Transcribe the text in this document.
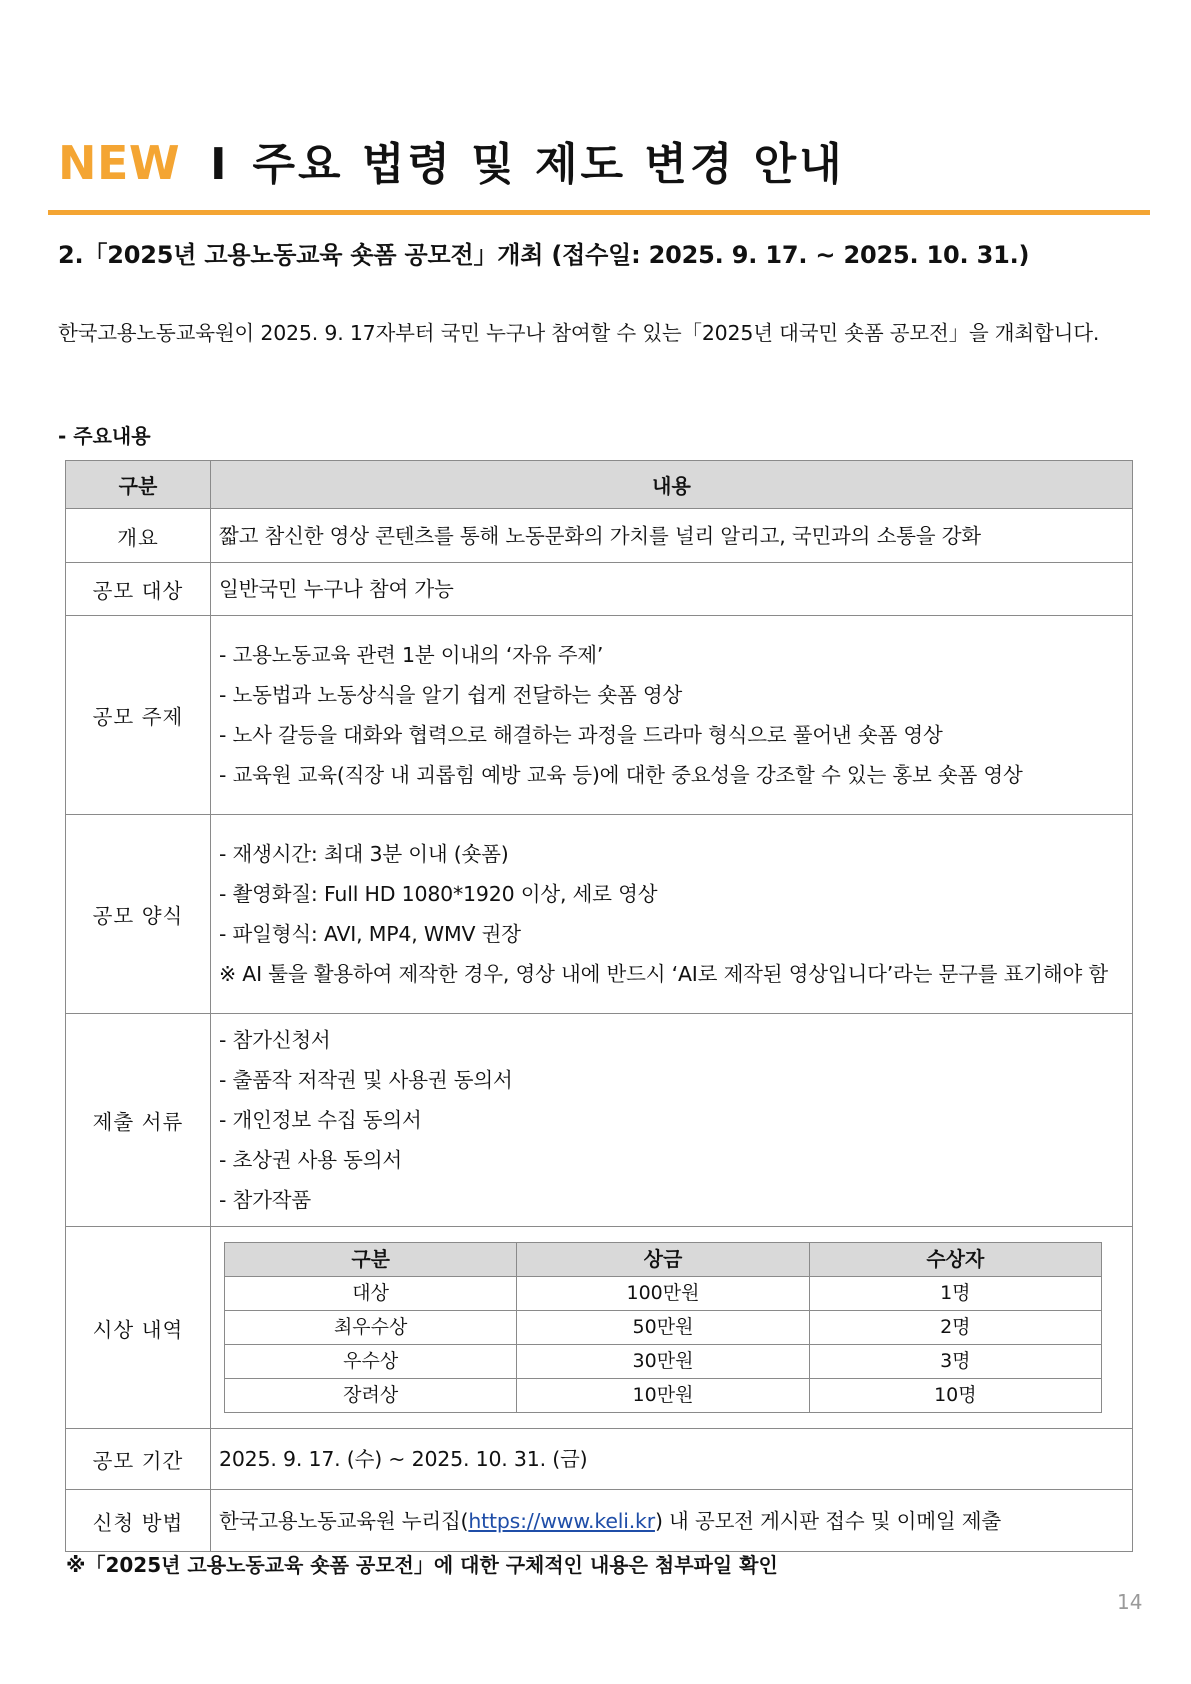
NEW I 주요 법령 및 제도 변경 안내
2.「2025년 고용노동교육 숏폼 공모전」개최 (접수일: 2025. 9. 17. ~ 2025. 10. 31.)
한국고용노동교육원이 2025. 9. 17자부터 국민 누구나 참여할 수 있는「2025년 대국민 숏폼 공모전」을 개최합니다.
- 주요내용
구분	내용
개요	짧고 참신한 영상 콘텐츠를 통해 노동문화의 가치를 널리 알리고, 국민과의 소통을 강화

공모 대상	일반국민 누구나 참여 가능

공모 주제	
- 고용노동교육 관련 1분 이내의 ‘자유 주제’
- 노동법과 노동상식을 알기 쉽게 전달하는 숏폼 영상
- 노사 갈등을 대화와 협력으로 해결하는 과정을 드라마 형식으로 풀어낸 숏폼 영상
- 교육원 교육(직장 내 괴롭힘 예방 교육 등)에 대한 중요성을 강조할 수 있는 홍보 숏폼 영상

공모 양식	
- 재생시간: 최대 3분 이내 (숏폼)
- 촬영화질: Full HD 1080*1920 이상, 세로 영상
- 파일형식: AVI, MP4, WMV 권장
※ AI 툴을 활용하여 제작한 경우, 영상 내에 반드시 ‘AI로 제작된 영상입니다’라는 문구를 표기해야 함

제출 서류	
- 참가신청서
- 출품작 저작권 및 사용권 동의서
- 개인정보 수집 동의서
- 초상권 사용 동의서
- 참가작품

시상 내역	
구분	상금	수상자
대상	100만원	1명
최우수상	50만원	2명
우수상	30만원	3명
장려상	10만원	10명

공모 기간	2025. 9. 17. (수) ~ 2025. 10. 31. (금)
신청 방법	한국고용노동교육원 누리집(https://www.keli.kr) 내 공모전 게시판 접수 및 이메일 제출
※「2025년 고용노동교육 숏폼 공모전」에 대한 구체적인 내용은 첨부파일 확인
14
